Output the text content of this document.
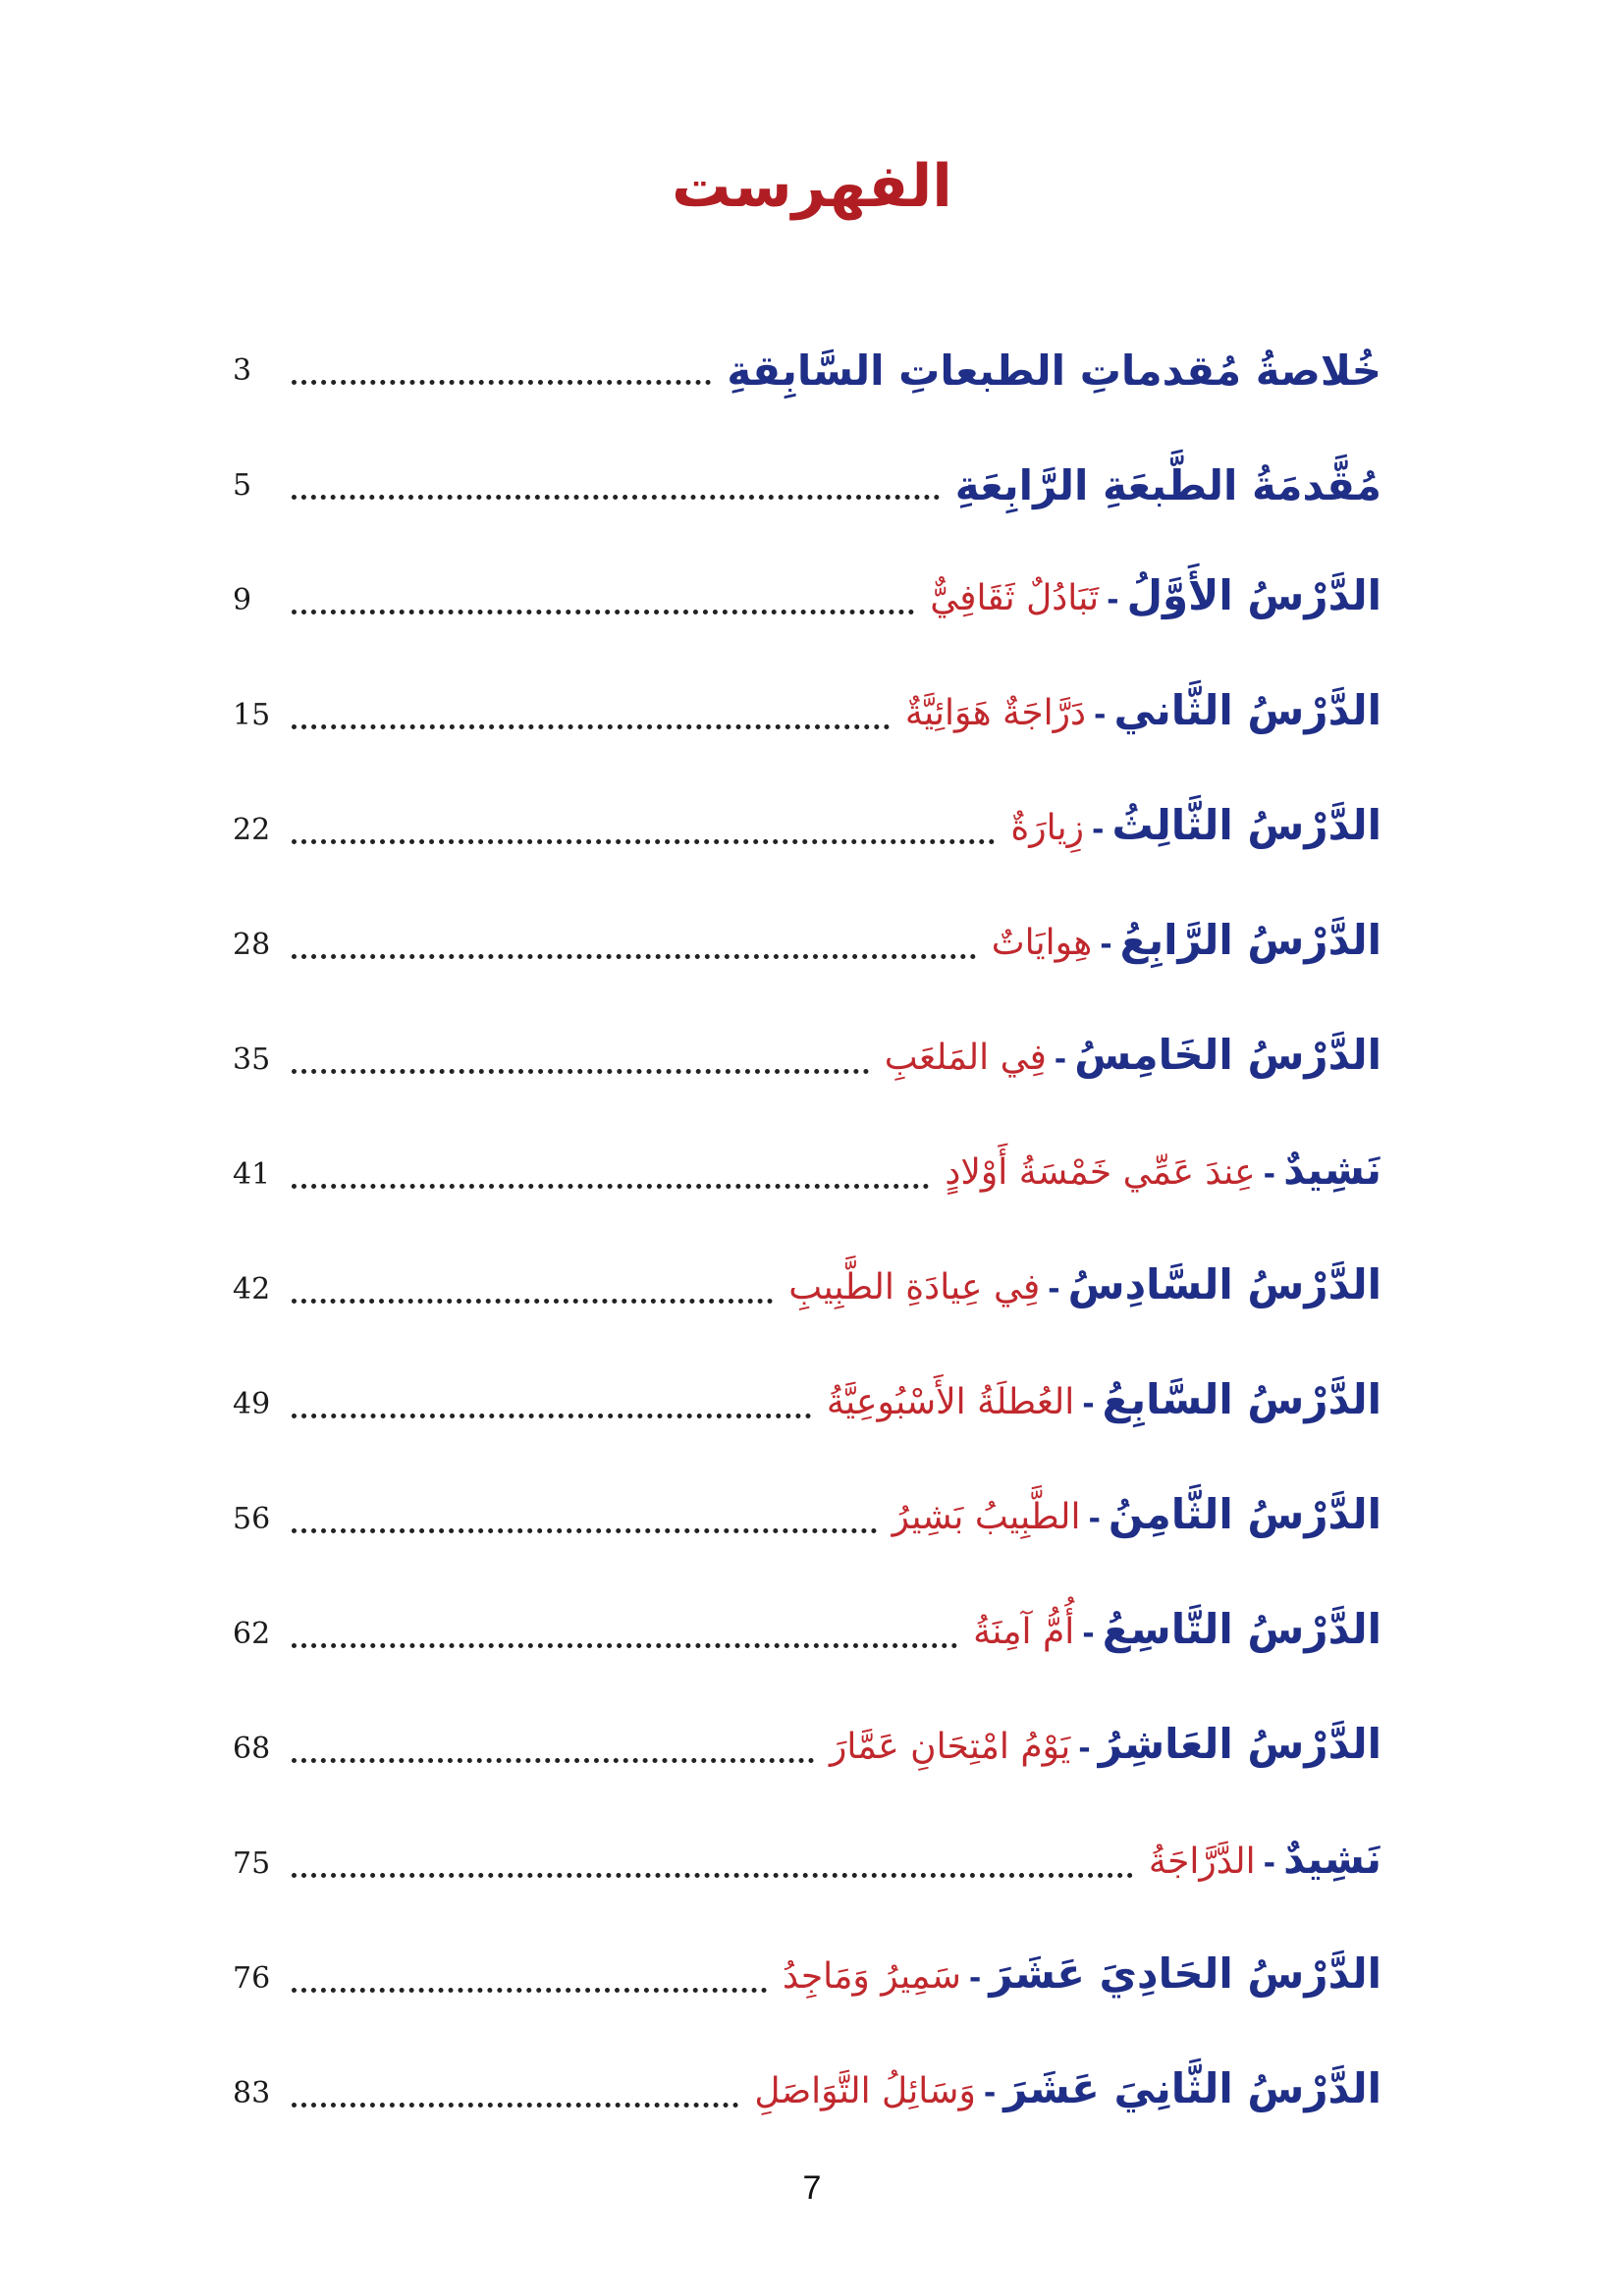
الفهرست
خُلاصةُ مُقدماتِ الطبعاتِ السَّابِقةِ
3
مُقَّدمَةُ الطَّبعَةِ الرَّابِعَةِ
5
الدَّرْسُ الأَوَّلُ-تَبَادُلٌ ثَقَافِيٌّ
9
الدَّرْسُ الثَّاني-دَرَّاجَةٌ هَوَائِيَّةٌ
15
الدَّرْسُ الثَّالِثُ-زِيارَةٌ
22
الدَّرْسُ الرَّابِعُ-هِوايَاتٌ
28
الدَّرْسُ الخَامِسُ-فِي المَلعَبِ
35
نَشِيدٌ-عِندَ عَمِّي خَمْسَةُ أَوْلادٍ
41
الدَّرْسُ السَّادِسُ-فِي عِيادَةِ الطَّبِيبِ
42
الدَّرْسُ السَّابِعُ-العُطلَةُ الأَسْبُوعِيَّةُ
49
الدَّرْسُ الثَّامِنُ-الطَّبِيبُ بَشِيرُ
56
الدَّرْسُ التَّاسِعُ-أُمُّ آمِنَةُ
62
الدَّرْسُ العَاشِرُ-يَوْمُ امْتِحَانِ عَمَّارَ
68
نَشِيدٌ-الدَّرَّاجَةُ
75
الدَّرْسُ الحَادِيَ عَشَرَ-سَمِيرُ وَمَاجِدُ
76
الدَّرْسُ الثَّانِيَ عَشَرَ-وَسَائِلُ التَّوَاصَلِ
83
7
